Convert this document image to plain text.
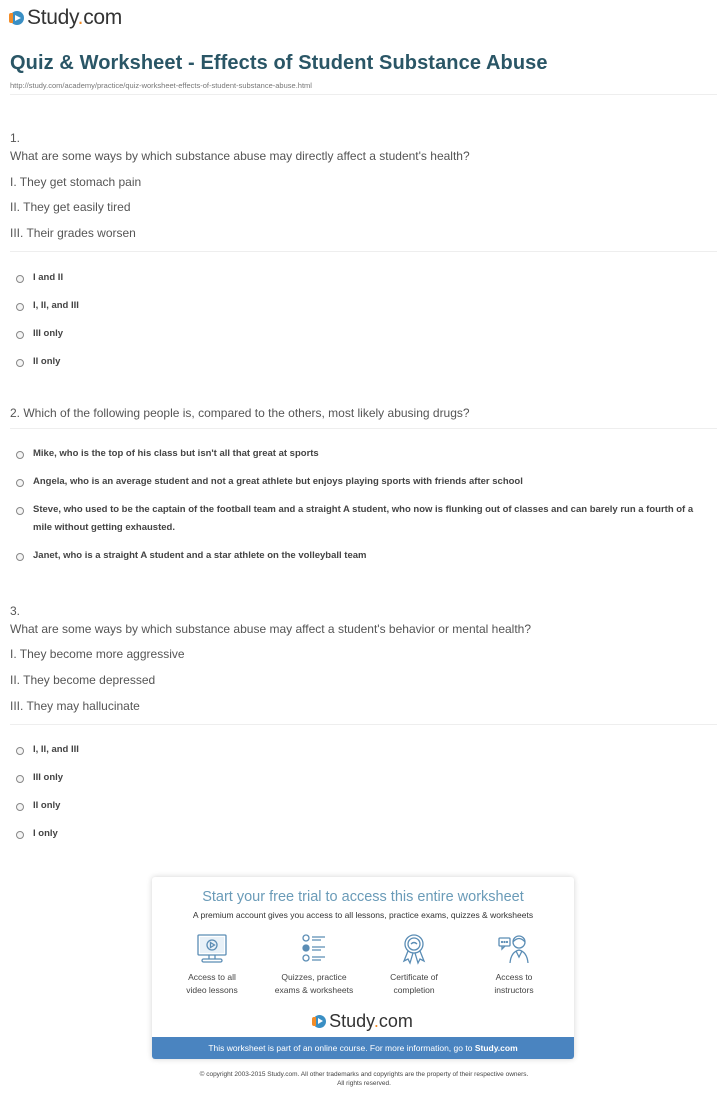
Study.com
Quiz & Worksheet - Effects of Student Substance Abuse
http://study.com/academy/practice/quiz-worksheet-effects-of-student-substance-abuse.html
1.
What are some ways by which substance abuse may directly affect a student's health?
I. They get stomach pain
II. They get easily tired
III. Their grades worsen
I and II
I, II, and III
III only
II only
2. Which of the following people is, compared to the others, most likely abusing drugs?
Mike, who is the top of his class but isn't all that great at sports
Angela, who is an average student and not a great athlete but enjoys playing sports with friends after school
Steve, who used to be the captain of the football team and a straight A student, who now is flunking out of classes and can barely run a fourth of a mile without getting exhausted.
Janet, who is a straight A student and a star athlete on the volleyball team
3.
What are some ways by which substance abuse may affect a student's behavior or mental health?
I. They become more aggressive
II. They become depressed
III. They may hallucinate
I, II, and III
III only
II only
I only
Start your free trial to access this entire worksheet
A premium account gives you access to all lessons, practice exams, quizzes & worksheets
Access to all
video lessons
Quizzes, practice
exams & worksheets
Certificate of
completion
Access to
instructors
Study.com
This worksheet is part of an online course. For more information, go to Study.com
© copyright 2003-2015 Study.com. All other trademarks and copyrights are the property of their respective owners.
All rights reserved.
